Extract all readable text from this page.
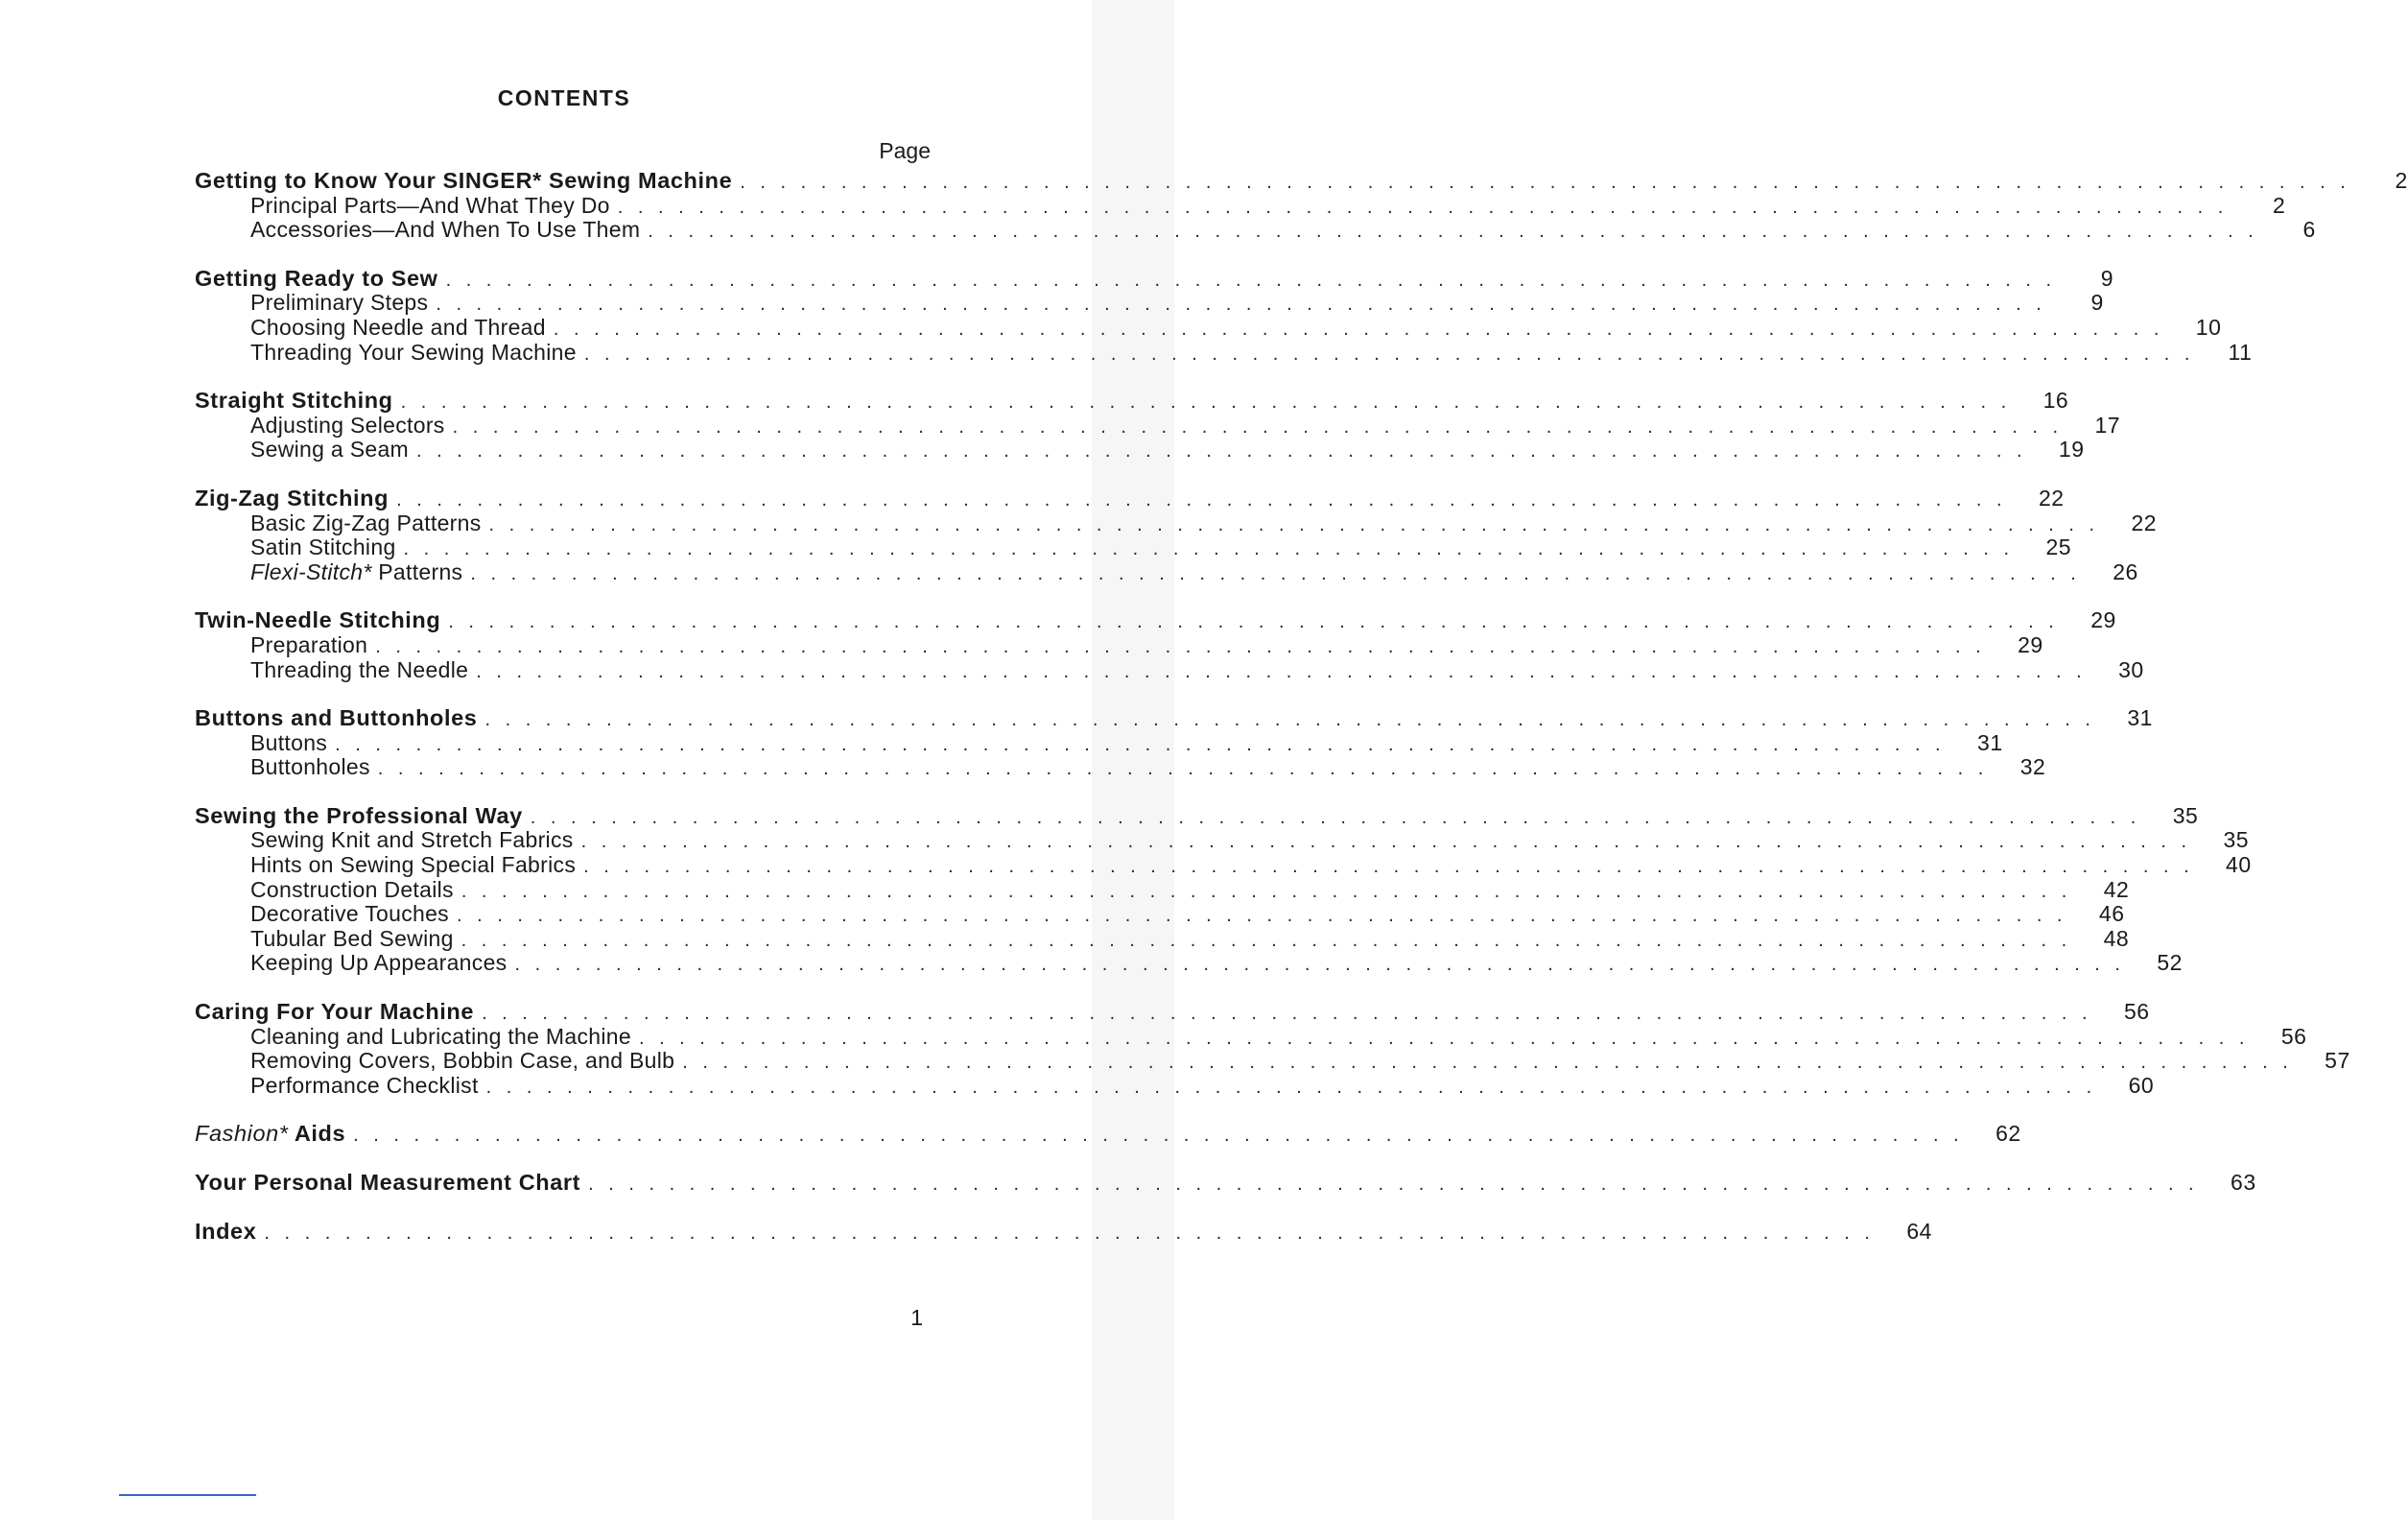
CONTENTS
Page
Getting to Know Your SINGER* Sewing Machine . . . . . . . . . . . . . . . . . . . . . . . . . . . . . . . . . . . . . . . . . . . . . . . . . . . . . . . . . . . . . . . . . . . . . . . . . . . . . . . .	2
Principal Parts—And What They Do . . . . . . . . . . . . . . . . . . . . . . . . . . . . . . . . . . . . . . . . . . . . . . . . . . . . . . . . . . . . . . . . . . . . . . . . . . . . . . . .	2
Accessories—And When To Use Them . . . . . . . . . . . . . . . . . . . . . . . . . . . . . . . . . . . . . . . . . . . . . . . . . . . . . . . . . . . . . . . . . . . . . . . . . . . . . . . .	6
Getting Ready to Sew . . . . . . . . . . . . . . . . . . . . . . . . . . . . . . . . . . . . . . . . . . . . . . . . . . . . . . . . . . . . . . . . . . . . . . . . . . . . . . . .	9
Preliminary Steps . . . . . . . . . . . . . . . . . . . . . . . . . . . . . . . . . . . . . . . . . . . . . . . . . . . . . . . . . . . . . . . . . . . . . . . . . . . . . . . .	9
Choosing Needle and Thread . . . . . . . . . . . . . . . . . . . . . . . . . . . . . . . . . . . . . . . . . . . . . . . . . . . . . . . . . . . . . . . . . . . . . . . . . . . . . . . .	10
Threading Your Sewing Machine . . . . . . . . . . . . . . . . . . . . . . . . . . . . . . . . . . . . . . . . . . . . . . . . . . . . . . . . . . . . . . . . . . . . . . . . . . . . . . . .	11
Straight Stitching . . . . . . . . . . . . . . . . . . . . . . . . . . . . . . . . . . . . . . . . . . . . . . . . . . . . . . . . . . . . . . . . . . . . . . . . . . . . . . . .	16
Adjusting Selectors . . . . . . . . . . . . . . . . . . . . . . . . . . . . . . . . . . . . . . . . . . . . . . . . . . . . . . . . . . . . . . . . . . . . . . . . . . . . . . . .	17
Sewing a Seam . . . . . . . . . . . . . . . . . . . . . . . . . . . . . . . . . . . . . . . . . . . . . . . . . . . . . . . . . . . . . . . . . . . . . . . . . . . . . . . .	19
Zig-Zag Stitching . . . . . . . . . . . . . . . . . . . . . . . . . . . . . . . . . . . . . . . . . . . . . . . . . . . . . . . . . . . . . . . . . . . . . . . . . . . . . . . .	22
Basic Zig-Zag Patterns . . . . . . . . . . . . . . . . . . . . . . . . . . . . . . . . . . . . . . . . . . . . . . . . . . . . . . . . . . . . . . . . . . . . . . . . . . . . . . . .	22
Satin Stitching . . . . . . . . . . . . . . . . . . . . . . . . . . . . . . . . . . . . . . . . . . . . . . . . . . . . . . . . . . . . . . . . . . . . . . . . . . . . . . . .	25
Flexi-Stitch* Patterns . . . . . . . . . . . . . . . . . . . . . . . . . . . . . . . . . . . . . . . . . . . . . . . . . . . . . . . . . . . . . . . . . . . . . . . . . . . . . . . .	26
Twin-Needle Stitching . . . . . . . . . . . . . . . . . . . . . . . . . . . . . . . . . . . . . . . . . . . . . . . . . . . . . . . . . . . . . . . . . . . . . . . . . . . . . . . .	29
Preparation . . . . . . . . . . . . . . . . . . . . . . . . . . . . . . . . . . . . . . . . . . . . . . . . . . . . . . . . . . . . . . . . . . . . . . . . . . . . . . . .	29
Threading the Needle . . . . . . . . . . . . . . . . . . . . . . . . . . . . . . . . . . . . . . . . . . . . . . . . . . . . . . . . . . . . . . . . . . . . . . . . . . . . . . . .	30
Buttons and Buttonholes . . . . . . . . . . . . . . . . . . . . . . . . . . . . . . . . . . . . . . . . . . . . . . . . . . . . . . . . . . . . . . . . . . . . . . . . . . . . . . . .	31
Buttons . . . . . . . . . . . . . . . . . . . . . . . . . . . . . . . . . . . . . . . . . . . . . . . . . . . . . . . . . . . . . . . . . . . . . . . . . . . . . . . .	31
Buttonholes . . . . . . . . . . . . . . . . . . . . . . . . . . . . . . . . . . . . . . . . . . . . . . . . . . . . . . . . . . . . . . . . . . . . . . . . . . . . . . . .	32
Sewing the Professional Way . . . . . . . . . . . . . . . . . . . . . . . . . . . . . . . . . . . . . . . . . . . . . . . . . . . . . . . . . . . . . . . . . . . . . . . . . . . . . . . .	35
Sewing Knit and Stretch Fabrics . . . . . . . . . . . . . . . . . . . . . . . . . . . . . . . . . . . . . . . . . . . . . . . . . . . . . . . . . . . . . . . . . . . . . . . . . . . . . . . .	35
Hints on Sewing Special Fabrics . . . . . . . . . . . . . . . . . . . . . . . . . . . . . . . . . . . . . . . . . . . . . . . . . . . . . . . . . . . . . . . . . . . . . . . . . . . . . . . .	40
Construction Details . . . . . . . . . . . . . . . . . . . . . . . . . . . . . . . . . . . . . . . . . . . . . . . . . . . . . . . . . . . . . . . . . . . . . . . . . . . . . . . .	42
Decorative Touches . . . . . . . . . . . . . . . . . . . . . . . . . . . . . . . . . . . . . . . . . . . . . . . . . . . . . . . . . . . . . . . . . . . . . . . . . . . . . . . .	46
Tubular Bed Sewing . . . . . . . . . . . . . . . . . . . . . . . . . . . . . . . . . . . . . . . . . . . . . . . . . . . . . . . . . . . . . . . . . . . . . . . . . . . . . . . .	48
Keeping Up Appearances . . . . . . . . . . . . . . . . . . . . . . . . . . . . . . . . . . . . . . . . . . . . . . . . . . . . . . . . . . . . . . . . . . . . . . . . . . . . . . . .	52
Caring For Your Machine . . . . . . . . . . . . . . . . . . . . . . . . . . . . . . . . . . . . . . . . . . . . . . . . . . . . . . . . . . . . . . . . . . . . . . . . . . . . . . . .	56
Cleaning and Lubricating the Machine . . . . . . . . . . . . . . . . . . . . . . . . . . . . . . . . . . . . . . . . . . . . . . . . . . . . . . . . . . . . . . . . . . . . . . . . . . . . . . . .	56
Removing Covers, Bobbin Case, and Bulb . . . . . . . . . . . . . . . . . . . . . . . . . . . . . . . . . . . . . . . . . . . . . . . . . . . . . . . . . . . . . . . . . . . . . . . . . . . . . . . .	57
Performance Checklist . . . . . . . . . . . . . . . . . . . . . . . . . . . . . . . . . . . . . . . . . . . . . . . . . . . . . . . . . . . . . . . . . . . . . . . . . . . . . . . .	60
Fashion* Aids . . . . . . . . . . . . . . . . . . . . . . . . . . . . . . . . . . . . . . . . . . . . . . . . . . . . . . . . . . . . . . . . . . . . . . . . . . . . . . . .	62
Your Personal Measurement Chart . . . . . . . . . . . . . . . . . . . . . . . . . . . . . . . . . . . . . . . . . . . . . . . . . . . . . . . . . . . . . . . . . . . . . . . . . . . . . . . .	63
Index . . . . . . . . . . . . . . . . . . . . . . . . . . . . . . . . . . . . . . . . . . . . . . . . . . . . . . . . . . . . . . . . . . . . . . . . . . . . . . . .	64
1
